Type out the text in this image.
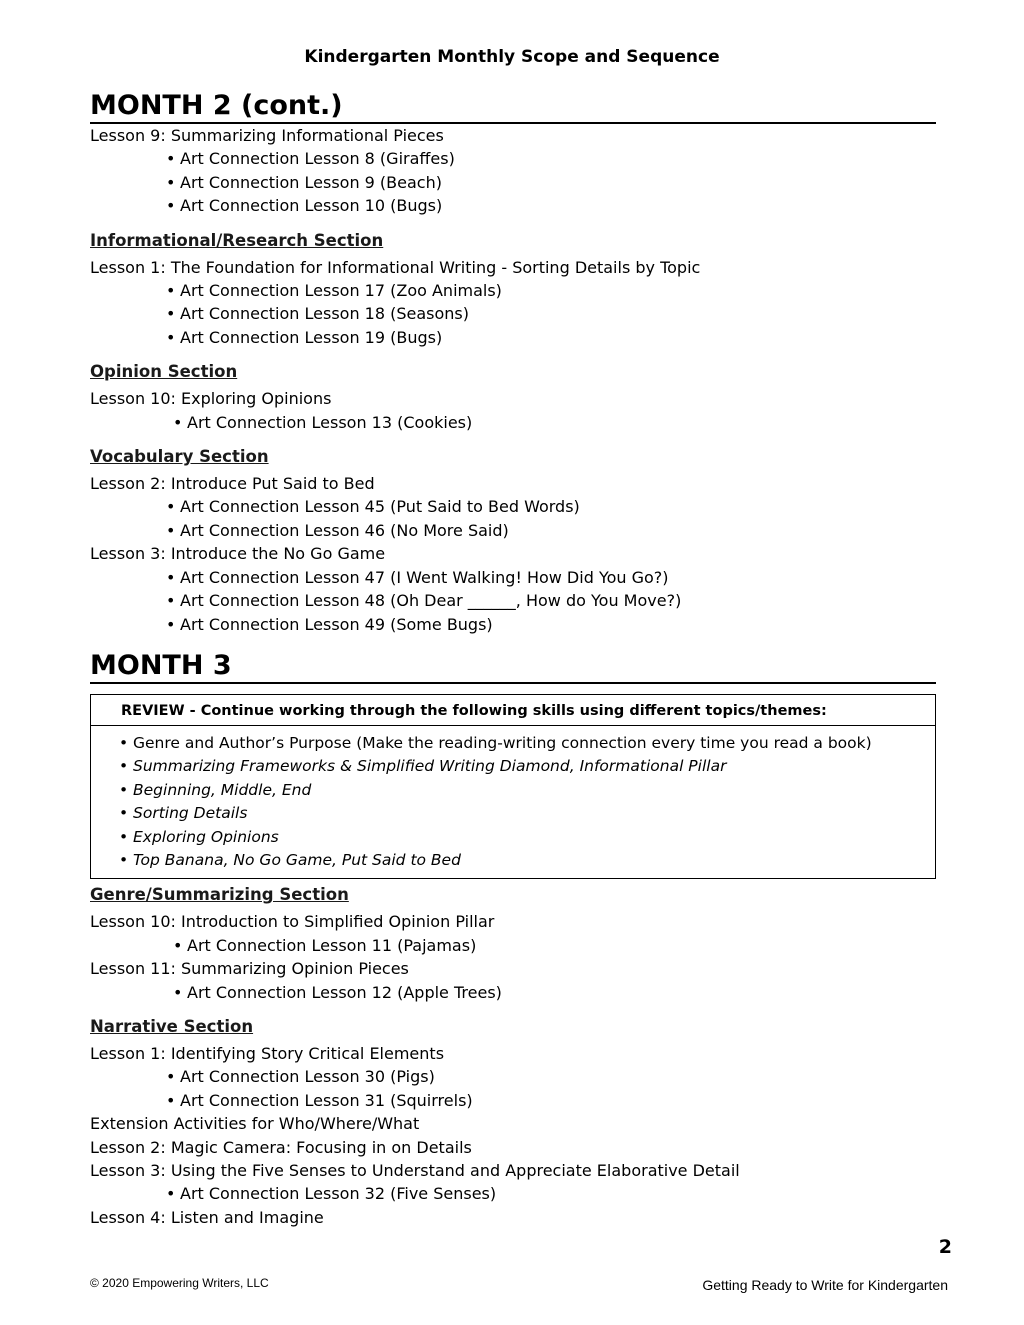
Kindergarten Monthly Scope and Sequence
MONTH 2 (cont.)
Lesson 9: Summarizing Informational Pieces
• Art Connection Lesson 8 (Giraffes)
• Art Connection Lesson 9 (Beach)
• Art Connection Lesson 10 (Bugs)
Informational/Research Section
Lesson 1: The Foundation for Informational Writing - Sorting Details by Topic
• Art Connection Lesson 17 (Zoo Animals)
• Art Connection Lesson 18 (Seasons)
• Art Connection Lesson 19 (Bugs)
Opinion Section
Lesson 10: Exploring Opinions
• Art Connection Lesson 13 (Cookies)
Vocabulary Section
Lesson 2: Introduce Put Said to Bed
• Art Connection Lesson 45 (Put Said to Bed Words)
• Art Connection Lesson 46 (No More Said)
Lesson 3: Introduce the No Go Game
• Art Connection Lesson 47 (I Went Walking! How Did You Go?)
• Art Connection Lesson 48 (Oh Dear ______, How do You Move?)
• Art Connection Lesson 49 (Some Bugs)
MONTH 3
REVIEW - Continue working through the following skills using different topics/themes:
• Genre and Author’s Purpose (Make the reading-writing connection every time you read a book)
• Summarizing Frameworks & Simplified Writing Diamond, Informational Pillar
• Beginning, Middle, End
• Sorting Details
• Exploring Opinions
• Top Banana, No Go Game, Put Said to Bed
Genre/Summarizing Section
Lesson 10: Introduction to Simplified Opinion Pillar
• Art Connection Lesson 11 (Pajamas)
Lesson 11: Summarizing Opinion Pieces
• Art Connection Lesson 12 (Apple Trees)
Narrative Section
Lesson 1: Identifying Story Critical Elements
• Art Connection Lesson 30 (Pigs)
• Art Connection Lesson 31 (Squirrels)
Extension Activities for Who/Where/What
Lesson 2: Magic Camera: Focusing in on Details
Lesson 3: Using the Five Senses to Understand and Appreciate Elaborative Detail
• Art Connection Lesson 32 (Five Senses)
Lesson 4: Listen and Imagine
2
© 2020 Empowering Writers, LLC	Getting Ready to Write for Kindergarten
